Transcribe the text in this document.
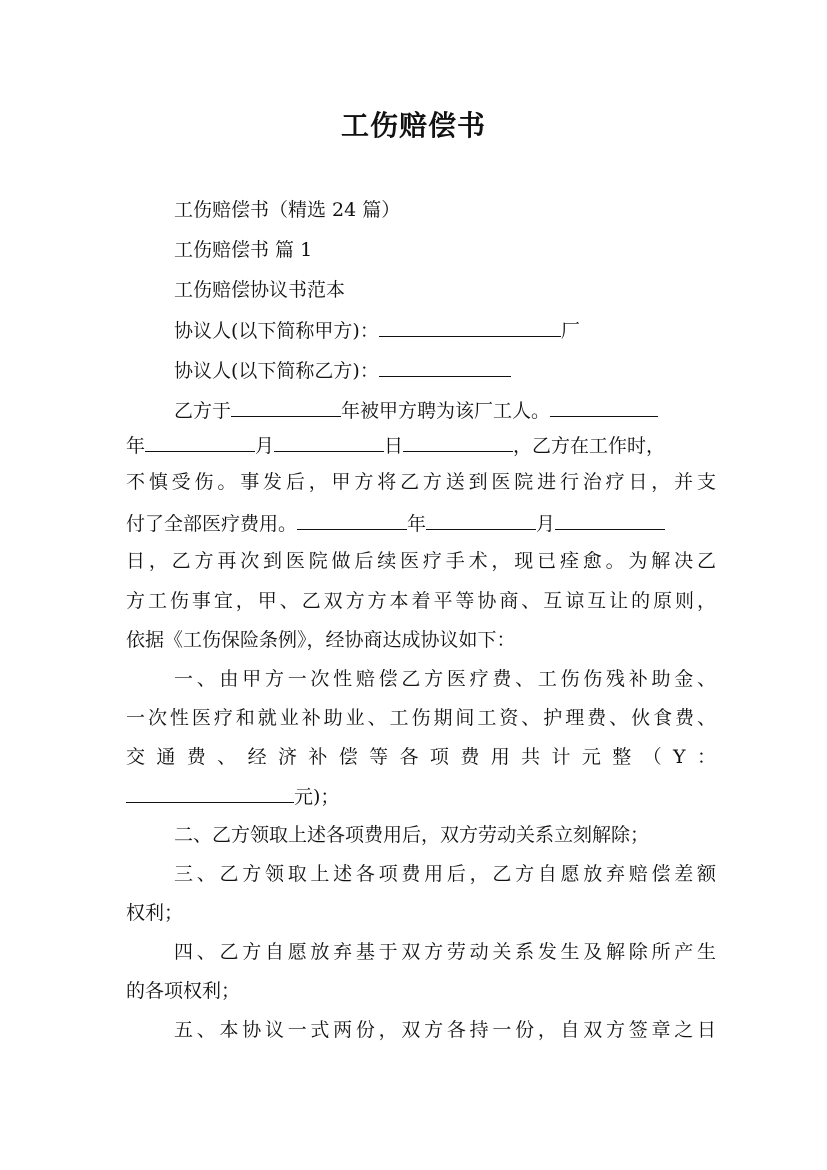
工伤赔偿书
工伤赔偿书（精选 24 篇）
工伤赔偿书 篇 1
工伤赔偿协议书范本
协议人(以下简称甲方)：	厂
协议人(以下简称乙方)：
乙方于	年被甲方聘为该厂工人。
年	月	日	，乙方在工作时，
不慎受伤。事发后，甲方将乙方送到医院进行治疗日，并支
付了全部医疗费用。	年	月
日，乙方再次到医院做后续医疗手术，现已痊愈。为解决乙
方工伤事宜，甲、乙双方方本着平等协商、互谅互让的原则，
依据《工伤保险条例》，经协商达成协议如下：
一、由甲方一次性赔偿乙方医疗费、工伤伤残补助金、
一次性医疗和就业补助业、工伤期间工资、护理费、伙食费、
交通费、经济补偿等各项费用共计元整（Y：
元)；
二、乙方领取上述各项费用后，双方劳动关系立刻解除；
三、乙方领取上述各项费用后，乙方自愿放弃赔偿差额
权利；
四、乙方自愿放弃基于双方劳动关系发生及解除所产生
的各项权利；
五、本协议一式两份，双方各持一份，自双方签章之日
